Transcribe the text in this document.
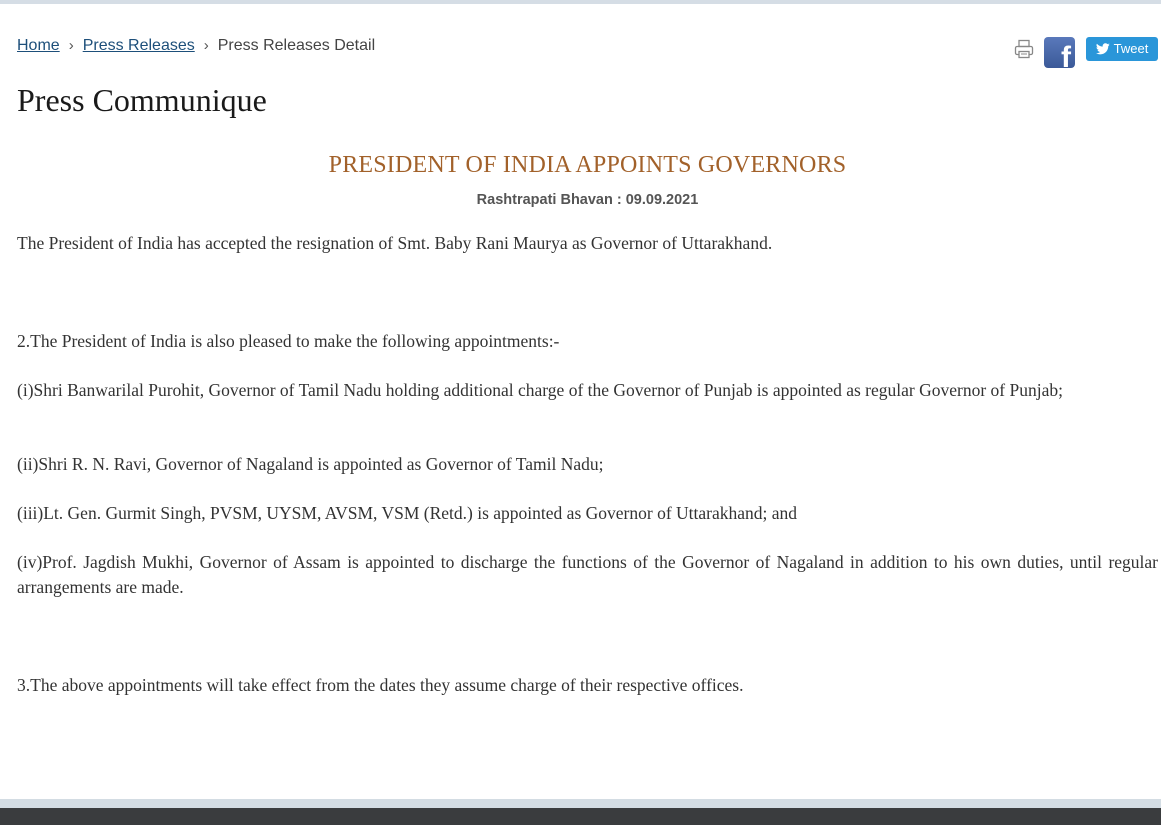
Home › Press Releases › Press Releases Detail	f	Tweet
Press Communique
PRESIDENT OF INDIA APPOINTS GOVERNORS
Rashtrapati Bhavan : 09.09.2021

The President of India has accepted the resignation of Smt. Baby Rani Maurya as Governor of Uttarakhand.

2.The President of India is also pleased to make the following appointments:-

(i)Shri Banwarilal Purohit, Governor of Tamil Nadu holding additional charge of the Governor of Punjab is appointed as regular Governor of Punjab;

(ii)Shri R. N. Ravi, Governor of Nagaland is appointed as Governor of Tamil Nadu;

(iii)Lt. Gen. Gurmit Singh, PVSM, UYSM, AVSM, VSM (Retd.) is appointed as Governor of Uttarakhand; and

(iv)Prof. Jagdish Mukhi, Governor of Assam is appointed to discharge the functions of the Governor of Nagaland in addition to his own duties, until regular arrangements are made.

3.The above appointments will take effect from the dates they assume charge of their respective offices.
